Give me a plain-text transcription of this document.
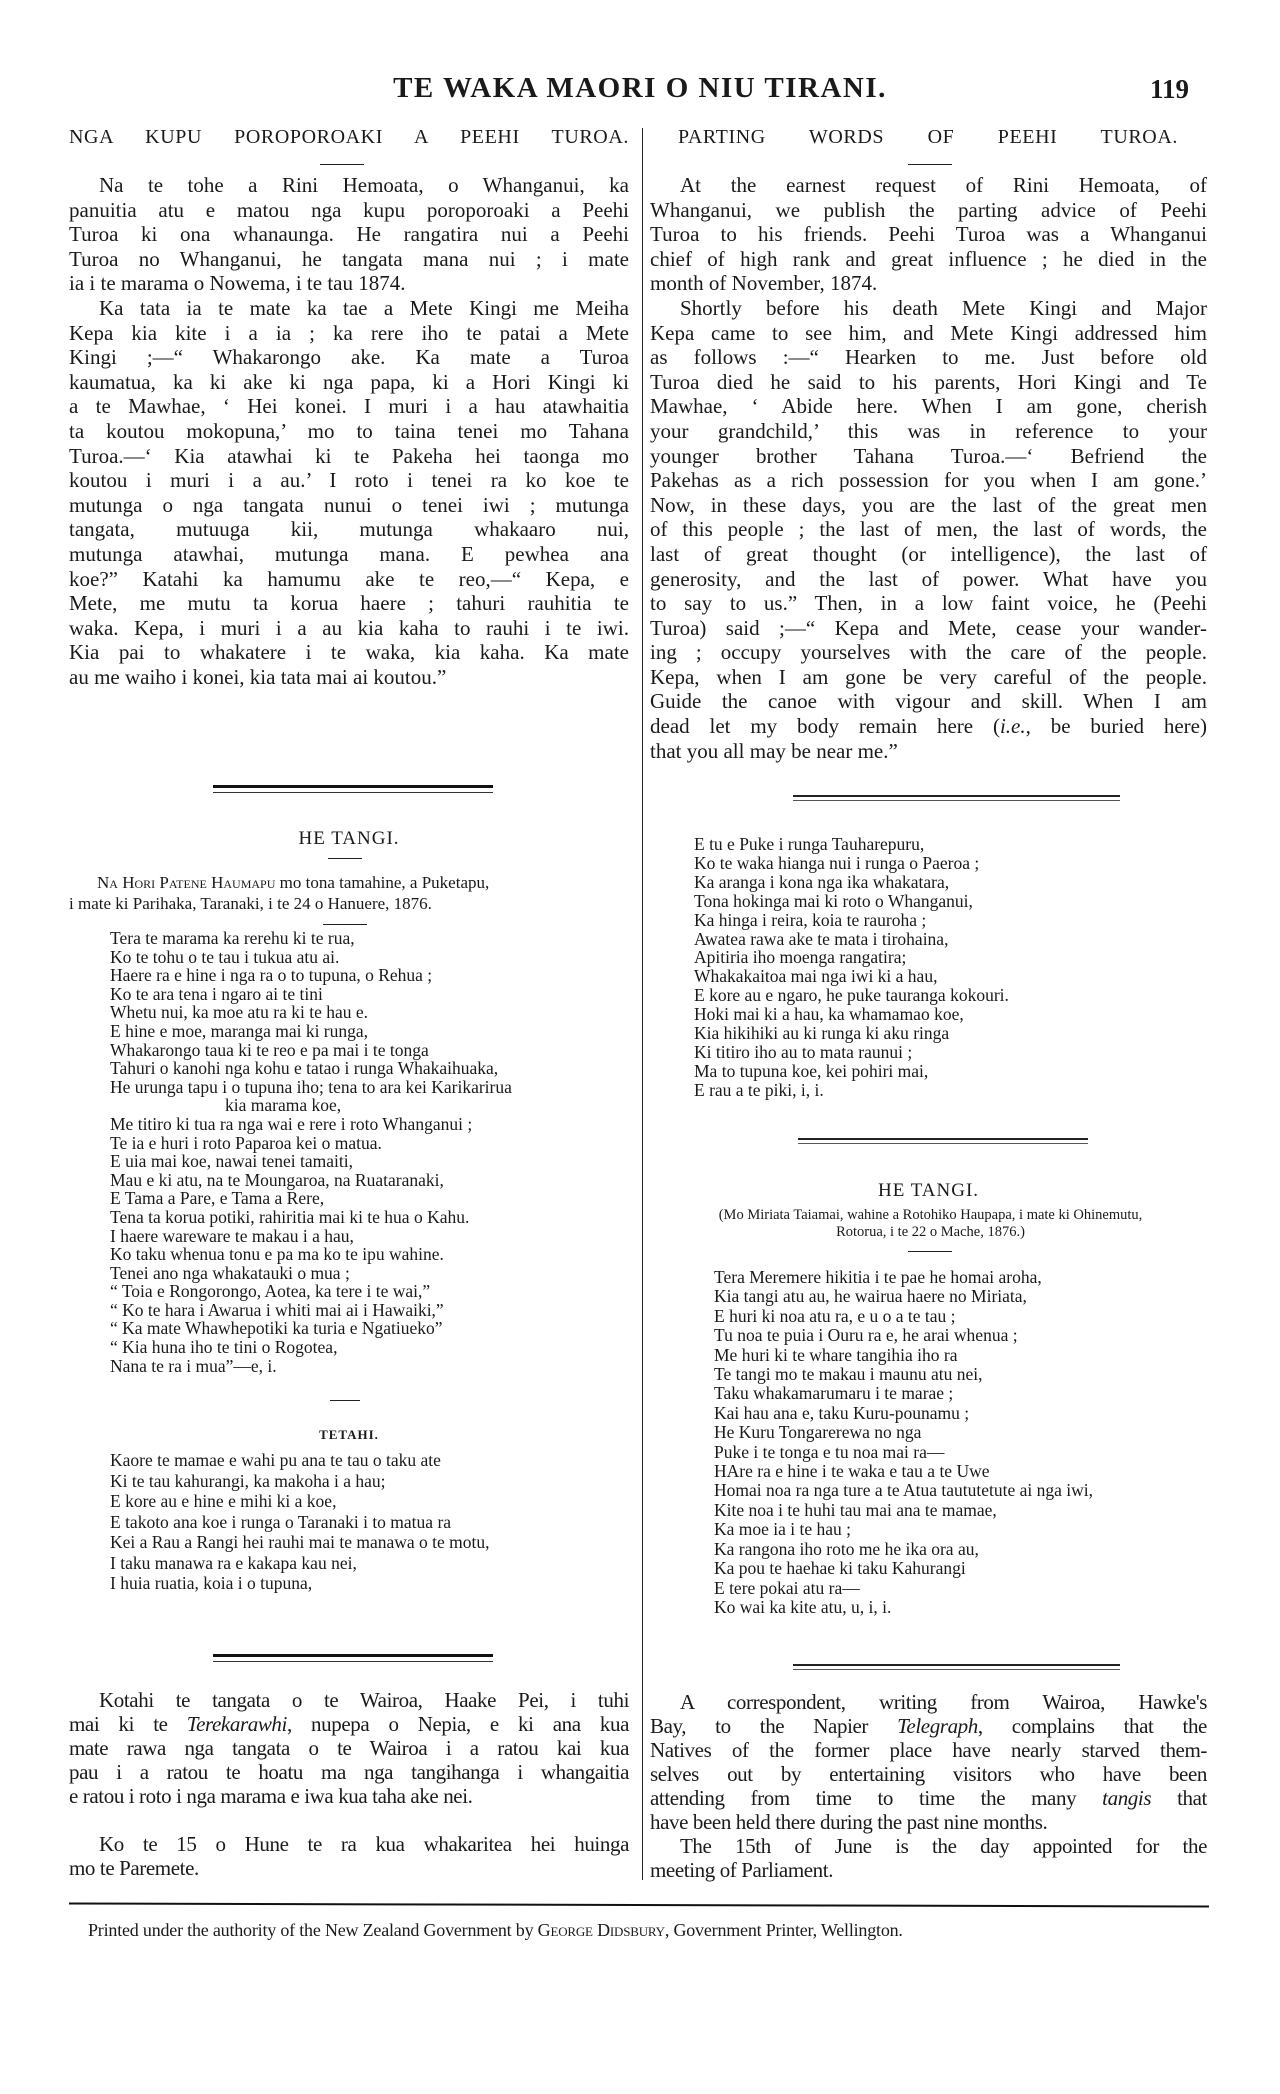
TE WAKA MAORI O NIU TIRANI.	119
NGA KUPU POROPOROAKI A PEEHI TUROA.
Na te tohe a Rini Hemoata, o Whanganui, ka
panuitia atu e matou nga kupu poroporoaki a Peehi
Turoa ki ona whanaunga. He rangatira nui a Peehi
Turoa no Whanganui, he tangata mana nui ; i mate
ia i te marama o Nowema, i te tau 1874.
Ka tata ia te mate ka tae a Mete Kingi me Meiha
Kepa kia kite i a ia ; ka rere iho te patai a Mete
Kingi ;—“ Whakarongo ake. Ka mate a Turoa
kaumatua, ka ki ake ki nga papa, ki a Hori Kingi ki
a te Mawhae, ‘ Hei konei. I muri i a hau atawhaitia
ta koutou mokopuna,’ mo to taina tenei mo Tahana
Turoa.—‘ Kia atawhai ki te Pakeha hei taonga mo
koutou i muri i a au.’ I roto i tenei ra ko koe te
mutunga o nga tangata nunui o tenei iwi ; mutunga
tangata, mutuuga kii, mutunga whakaaro nui,
mutunga atawhai, mutunga mana. E pewhea ana
koe?” Katahi ka hamumu ake te reo,—“ Kepa, e
Mete, me mutu ta korua haere ; tahuri rauhitia te
waka. Kepa, i muri i a au kia kaha to rauhi i te iwi.
Kia pai to whakatere i te waka, kia kaha. Ka mate
au me waiho i konei, kia tata mai ai koutou.”
PARTING WORDS OF PEEHI TUROA.
At the earnest request of Rini Hemoata, of
Whanganui, we publish the parting advice of Peehi
Turoa to his friends. Peehi Turoa was a Whanganui
chief of high rank and great influence ; he died in the
month of November, 1874.
Shortly before his death Mete Kingi and Major
Kepa came to see him, and Mete Kingi addressed him
as follows :—“ Hearken to me. Just before old
Turoa died he said to his parents, Hori Kingi and Te
Mawhae, ‘ Abide here. When I am gone, cherish
your grandchild,’ this was in reference to your
younger brother Tahana Turoa.—‘ Befriend the
Pakehas as a rich possession for you when I am gone.’
Now, in these days, you are the last of the great men
of this people ; the last of men, the last of words, the
last of great thought (or intelligence), the last of
generosity, and the last of power. What have you
to say to us.” Then, in a low faint voice, he (Peehi
Turoa) said ;—“ Kepa and Mete, cease your wander-
ing ; occupy yourselves with the care of the people.
Kepa, when I am gone be very careful of the people.
Guide the canoe with vigour and skill. When I am
dead let my body remain here (i.e., be buried here)
that you all may be near me.”
HE TANGI.
Na Hori Patene Haumapu mo tona tamahine, a Puketapu,
i mate ki Parihaka, Taranaki, i te 24 o Hanuere, 1876.
Tera te marama ka rerehu ki te rua,
Ko te tohu o te tau i tukua atu ai.
Haere ra e hine i nga ra o to tupuna, o Rehua ;
Ko te ara tena i ngaro ai te tini
Whetu nui, ka moe atu ra ki te hau e.
E hine e moe, maranga mai ki runga,
Whakarongo taua ki te reo e pa mai i te tonga
Tahuri o kanohi nga kohu e tatao i runga Whakaihuaka,
He urunga tapu i o tupuna iho; tena to ara kei Karikarirua
kia marama koe,
Me titiro ki tua ra nga wai e rere i roto Whanganui ;
Te ia e huri i roto Paparoa kei o matua.
E uia mai koe, nawai tenei tamaiti,
Mau e ki atu, na te Moungaroa, na Ruataranaki,
E Tama a Pare, e Tama a Rere,
Tena ta korua potiki, rahiritia mai ki te hua o Kahu.
I haere wareware te makau i a hau,
Ko taku whenua tonu e pa ma ko te ipu wahine.
Tenei ano nga whakatauki o mua ;
“ Toia e Rongorongo, Aotea, ka tere i te wai,”
“ Ko te hara i Awarua i whiti mai ai i Hawaiki,”
“ Ka mate Whawhepotiki ka turia e Ngatiueko”
“ Kia huna iho te tini o Rogotea,
Nana te ra i mua”—e, i.
TETAHI.
Kaore te mamae e wahi pu ana te tau o taku ate
Ki te tau kahurangi, ka makoha i a hau;
E kore au e hine e mihi ki a koe,
E takoto ana koe i runga o Taranaki i to matua ra
Kei a Rau a Rangi hei rauhi mai te manawa o te motu,
I taku manawa ra e kakapa kau nei,
I huia ruatia, koia i o tupuna,
E tu e Puke i runga Tauharepuru,
Ko te waka hianga nui i runga o Paeroa ;
Ka aranga i kona nga ika whakatara,
Tona hokinga mai ki roto o Whanganui,
Ka hinga i reira, koia te rauroha ;
Awatea rawa ake te mata i tirohaina,
Apitiria iho moenga rangatira;
Whakakaitoa mai nga iwi ki a hau,
E kore au e ngaro, he puke tauranga kokouri.
Hoki mai ki a hau, ka whamamao koe,
Kia hikihiki au ki runga ki aku ringa
Ki titiro iho au to mata raunui ;
Ma to tupuna koe, kei pohiri mai,
E rau a te piki, i, i.
HE TANGI.
(Mo Miriata Taiamai, wahine a Rotohiko Haupapa, i mate ki Ohinemutu,
Rotorua, i te 22 o Mache, 1876.)
Tera Meremere hikitia i te pae he homai aroha,
Kia tangi atu au, he wairua haere no Miriata,
E huri ki noa atu ra, e u o a te tau ;
Tu noa te puia i Ouru ra e, he arai whenua ;
Me huri ki te whare tangihia iho ra
Te tangi mo te makau i maunu atu nei,
Taku whakamarumaru i te marae ;
Kai hau ana e, taku Kuru-pounamu ;
He Kuru Tongarerewa no nga
Puke i te tonga e tu noa mai ra—
HAre ra e hine i te waka e tau a te Uwe
Homai noa ra nga ture a te Atua taututetute ai nga iwi,
Kite noa i te huhi tau mai ana te mamae,
Ka moe ia i te hau ;
Ka rangona iho roto me he ika ora au,
Ka pou te haehae ki taku Kahurangi
E tere pokai atu ra—
Ko wai ka kite atu, u, i, i.
Kotahi te tangata o te Wairoa, Haake Pei, i tuhi
mai ki te Terekarawhi, nupepa o Nepia, e ki ana kua
mate rawa nga tangata o te Wairoa i a ratou kai kua
pau i a ratou te hoatu ma nga tangihanga i whangaitia
e ratou i roto i nga marama e iwa kua taha ake nei.
Ko te 15 o Hune te ra kua whakaritea hei huinga
mo te Paremete.
A correspondent, writing from Wairoa, Hawke's
Bay, to the Napier Telegraph, complains that the
Natives of the former place have nearly starved them-
selves out by entertaining visitors who have been
attending from time to time the many tangis that
have been held there during the past nine months.
The 15th of June is the day appointed for the
meeting of Parliament.
Printed under the authority of the New Zealand Government by George Didsbury, Government Printer, Wellington.
